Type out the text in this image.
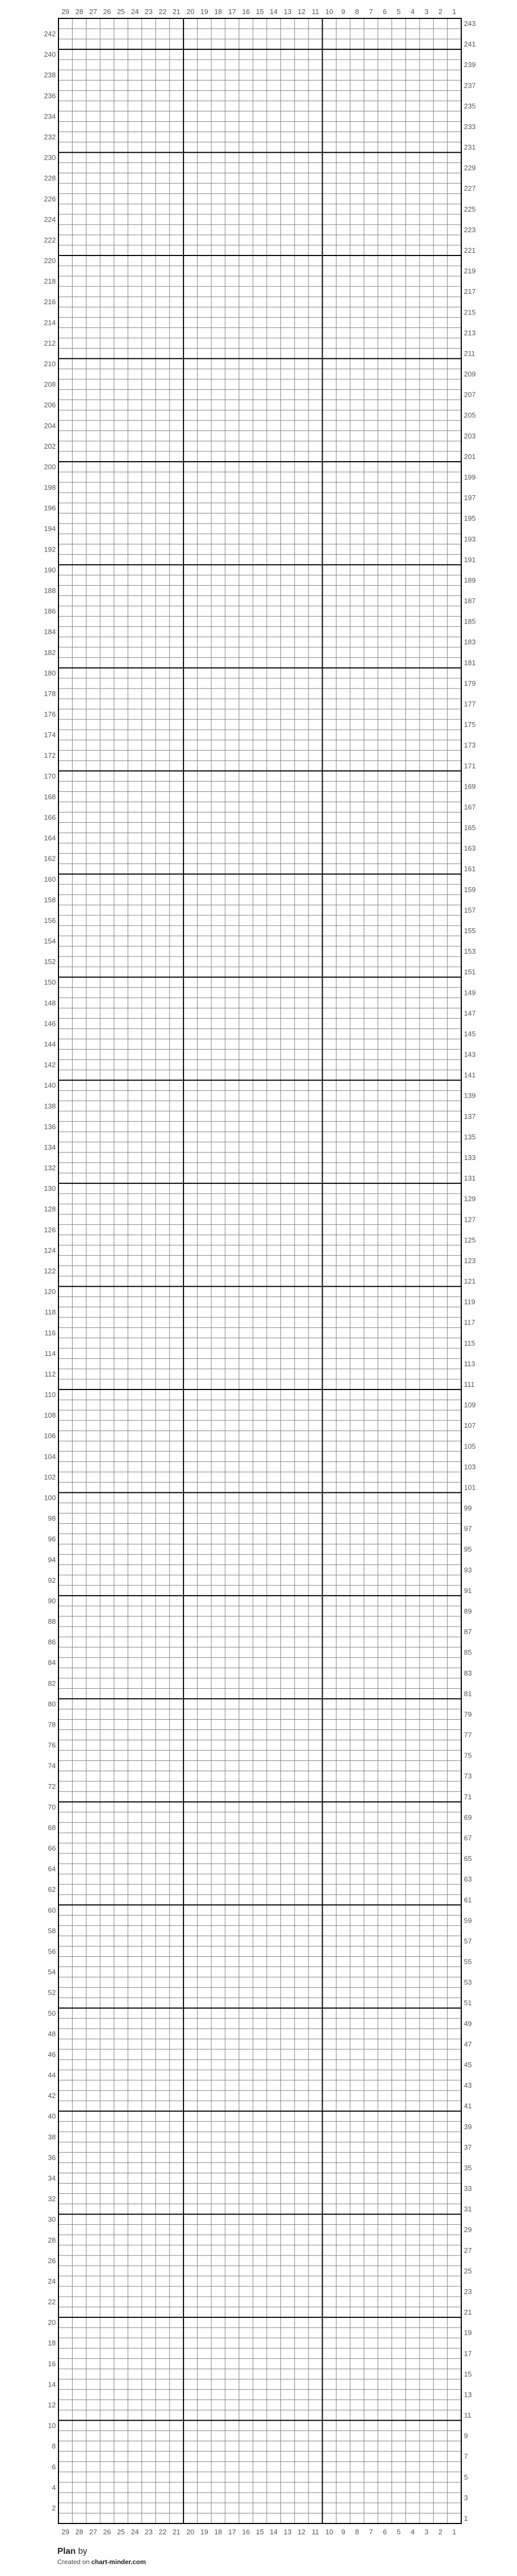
29 28 27 26 25 24 23 22 21 20 19 18 17 16 15 14 13 12 11 10 9 8 7 6 5 4 3 2 1
29 28 27 26 25 24 23 22 21 20 19 18 17 16 15 14 13 12 11 10 9 8 7 6 5 4 3 2 1
1
2
3
4
5
6
7
8
9
10
11
12
13
14
15
16
17
18
19
20
21
22
23
24
25
26
27
28
29
30
31
32
33
34
35
36
37
38
39
40
41
42
43
44
45
46
47
48
49
50
51
52
53
54
55
56
57
58
59
60
61
62
63
64
65
66
67
68
69
70
71
72
73
74
75
76
77
78
79
80
81
82
83
84
85
86
87
88
89
90
91
92
93
94
95
96
97
98
99
100
101
102
103
104
105
106
107
108
109
110
111
112
113
114
115
116
117
118
119
120
121
122
123
124
125
126
127
128
129
130
131
132
133
134
135
136
137
138
139
140
141
142
143
144
145
146
147
148
149
150
151
152
153
154
155
156
157
158
159
160
161
162
163
164
165
166
167
168
169
170
171
172
173
174
175
176
177
178
179
180
181
182
183
184
185
186
187
188
189
190
191
192
193
194
195
196
197
198
199
200
201
202
203
204
205
206
207
208
209
210
211
212
213
214
215
216
217
218
219
220
221
222
223
224
225
226
227
228
229
230
231
232
233
234
235
236
237
238
239
240
241
242
243
Plan by
Created on chart-minder.com
